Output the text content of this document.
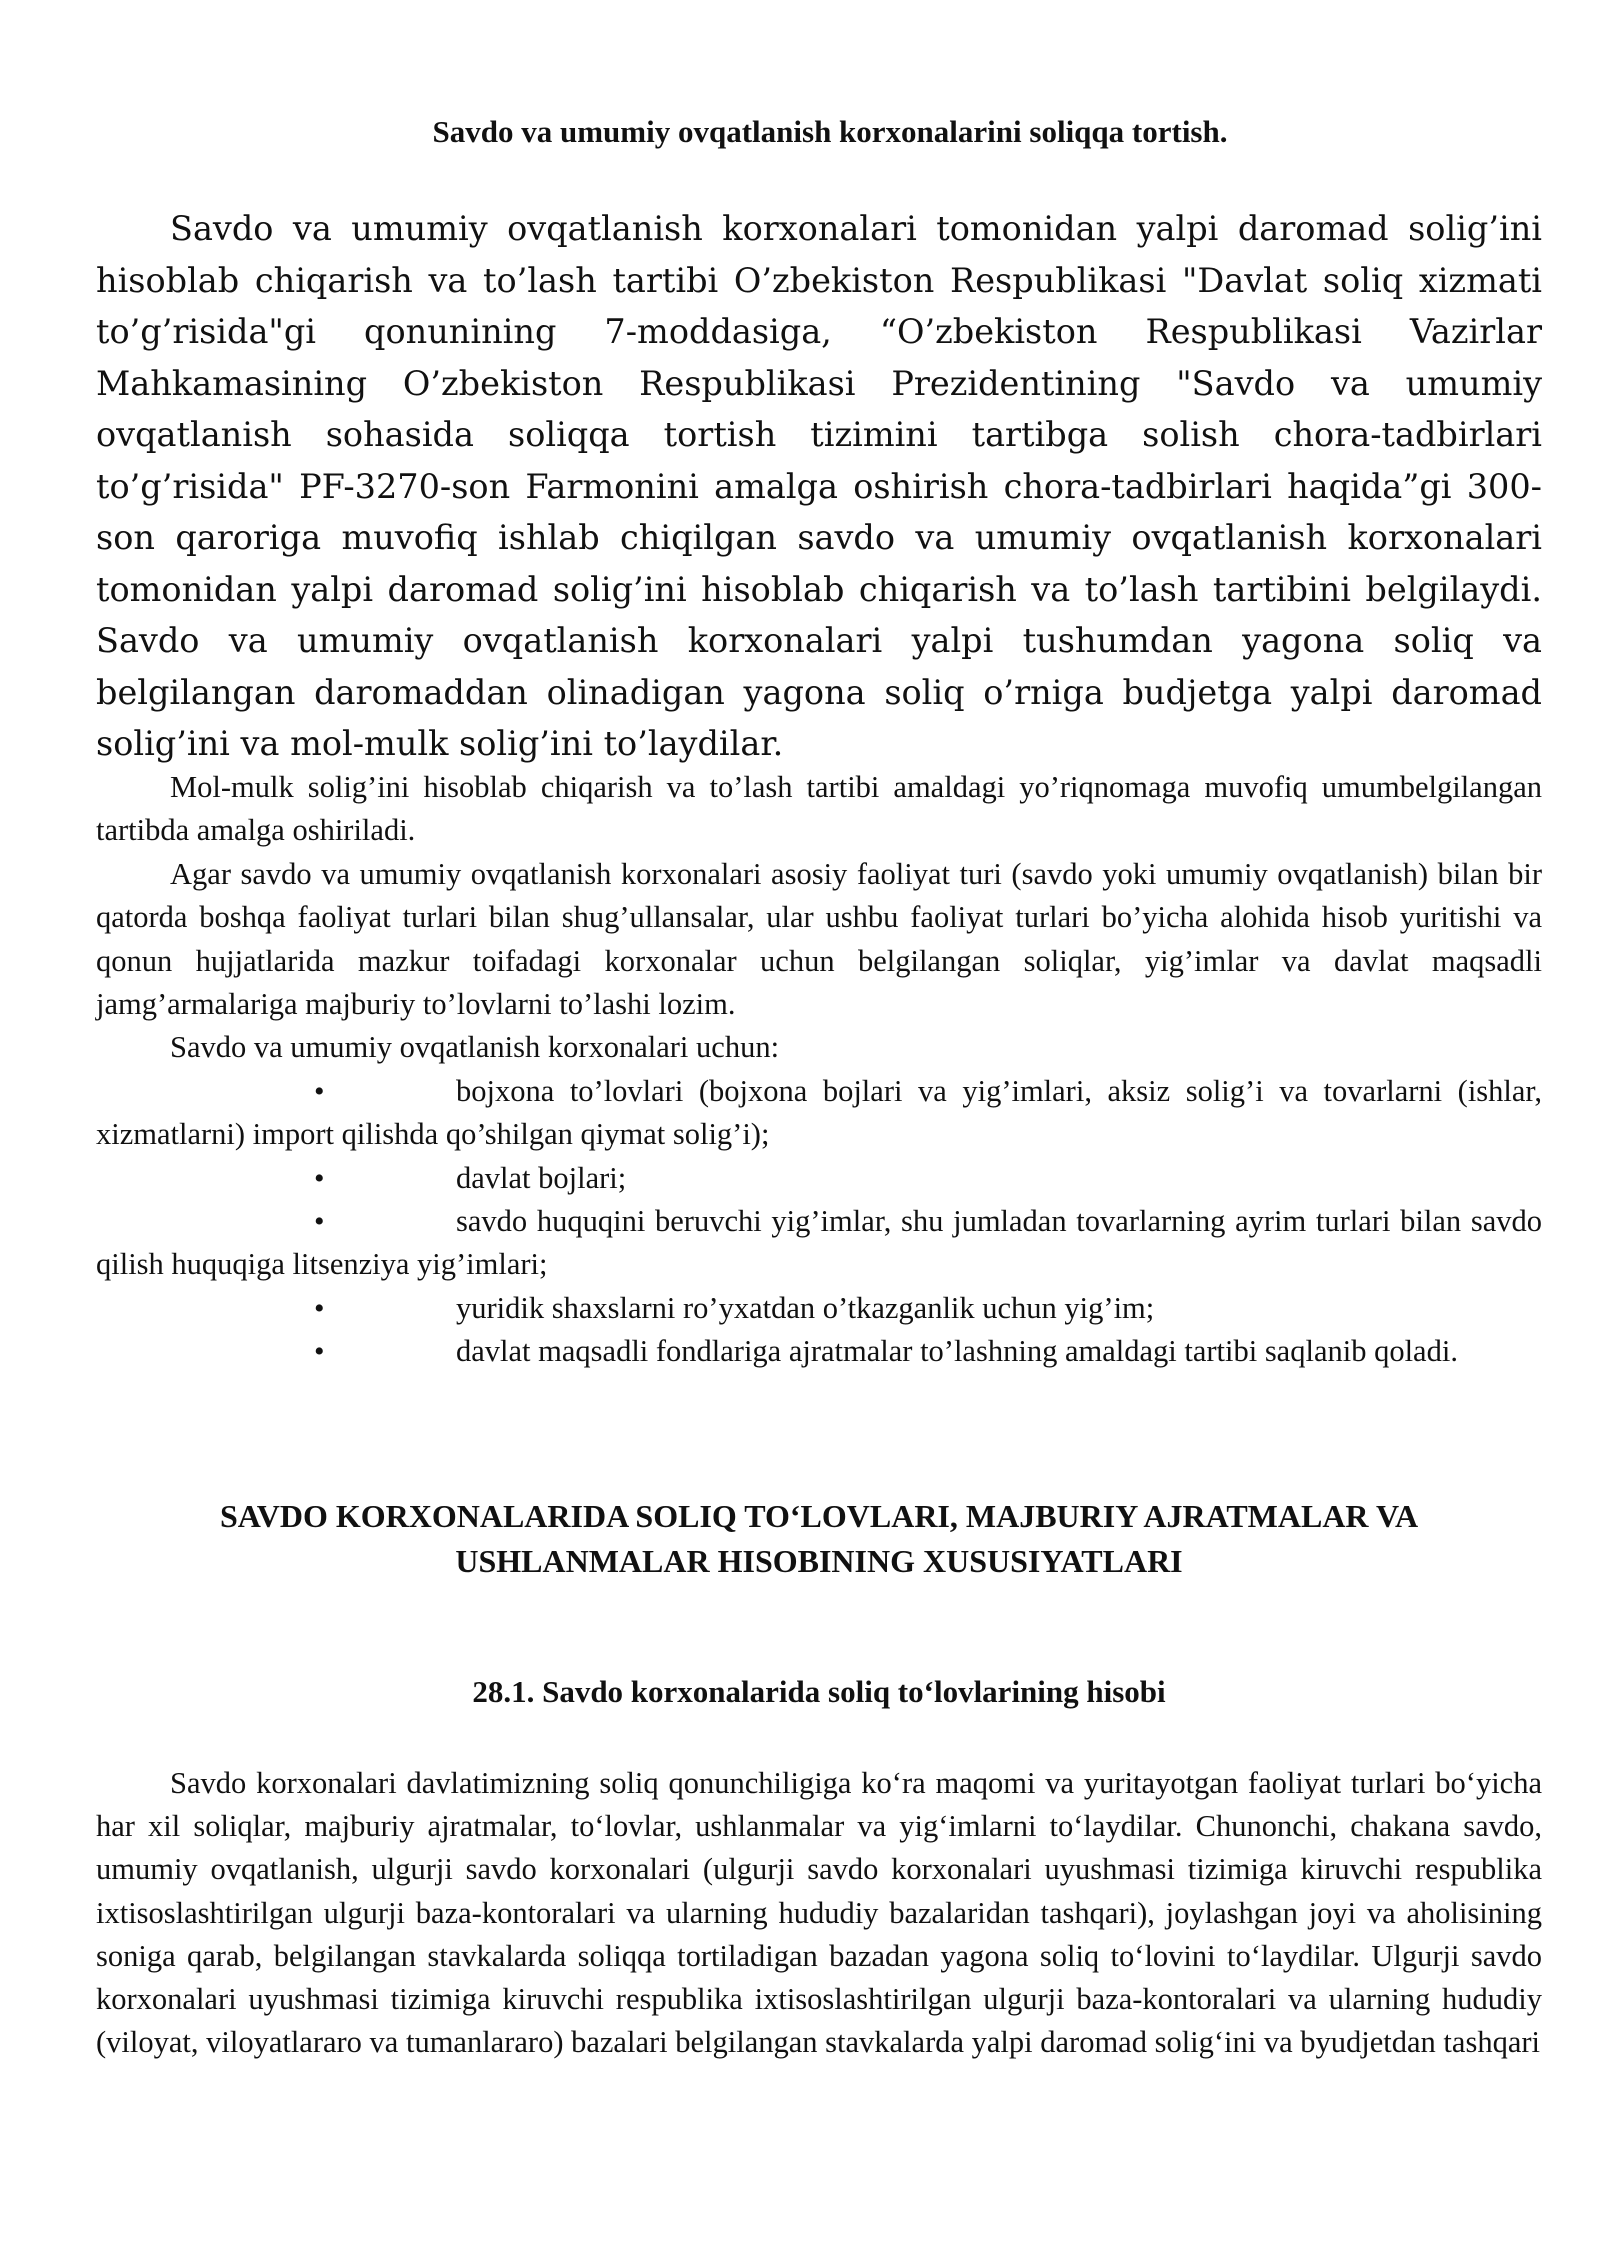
Savdo va umumiy ovqatlanish korxonalarini soliqqa tortish.

Savdo va umumiy ovqatlanish korxonalari tomonidan yalpi daromad solig’ini hisoblab chiqarish va to’lash tartibi O’zbekiston Respublikasi "Davlat soliq xizmati to’g’risida"gi qonunining 7-moddasiga, “O’zbekiston Respublikasi Vazirlar Mahkamasining O’zbekiston Respublikasi Prezidentining "Savdo va umumiy ovqatlanish sohasida soliqqa tortish tizimini tartibga solish chora-tadbirlari to’g’risida" PF-3270-son Farmonini amalga oshirish chora-tadbirlari haqida”gi 300-son qaroriga muvofiq ishlab chiqilgan savdo va umumiy ovqatlanish korxonalari tomonidan yalpi daromad solig’ini hisoblab chiqarish va to’lash tartibini belgilaydi. Savdo va umumiy ovqatlanish korxonalari yalpi tushumdan yagona soliq va belgilangan daromaddan olinadigan yagona soliq o’rniga budjetga yalpi daromad solig’ini va mol-mulk solig’ini to’laydilar.

Mol-mulk solig’ini hisoblab chiqarish va to’lash tartibi amaldagi yo’riqnomaga muvofiq umumbelgilangan tartibda amalga oshiriladi.

Agar savdo va umumiy ovqatlanish korxonalari asosiy faoliyat turi (savdo yoki umumiy ovqatlanish) bilan bir qatorda boshqa faoliyat turlari bilan shug’ullansalar, ular ushbu faoliyat turlari bo’yicha alohida hisob yuritishi va qonun hujjatlarida mazkur toifadagi korxonalar uchun belgilangan soliqlar, yig’imlar va davlat maqsadli jamg’armalariga majburiy to’lovlarni to’lashi lozim.

Savdo va umumiy ovqatlanish korxonalari uchun:

•	bojxona to’lovlari (bojxona bojlari va yig’imlari, aksiz solig’i va tovarlarni (ishlar, xizmatlarni) import qilishda qo’shilgan qiymat solig’i);

•	davlat bojlari;

•	savdo huquqini beruvchi yig’imlar, shu jumladan tovarlarning ayrim turlari bilan savdo qilish huquqiga litsenziya yig’imlari;

•	yuridik shaxslarni ro’yxatdan o’tkazganlik uchun yig’im;

•	davlat maqsadli fondlariga ajratmalar to’lashning amaldagi tartibi saqlanib qoladi.

SAVDO KORXONALARIDA SOLIQ TO‘LOVLARI, MAJBURIY AJRATMALAR VA USHLANMALAR HISOBINING XUSUSIYATLARI
28.1. Savdo korxonalarida soliq to‘lovlarining hisobi

Savdo korxonalari davlatimizning soliq qonunchiligiga ko‘ra maqomi va yuritayotgan faoliyat turlari bo‘yicha har xil soliqlar, majburiy ajratmalar, to‘lovlar, ushlanmalar va yig‘imlarni to‘laydilar. Chunonchi, chakana savdo, umumiy ovqatlanish, ulgurji savdo korxonalari (ulgurji savdo korxonalari uyushmasi tizimiga kiruvchi respublika ixtisoslashtirilgan ulgurji baza-kontoralari va ularning hududiy bazalaridan tashqari), joylashgan joyi va aholisining soniga qarab, belgilangan stavkalarda soliqqa tortiladigan bazadan yagona soliq to‘lovini to‘laydilar. Ulgurji savdo korxonalari uyushmasi tizimiga kiruvchi respublika ixtisoslashtirilgan ulgurji baza-kontoralari va ularning hududiy (viloyat, viloyatlararo va tumanlararo) bazalari belgilangan stavkalarda yalpi daromad solig‘ini va byudjetdan tashqari
